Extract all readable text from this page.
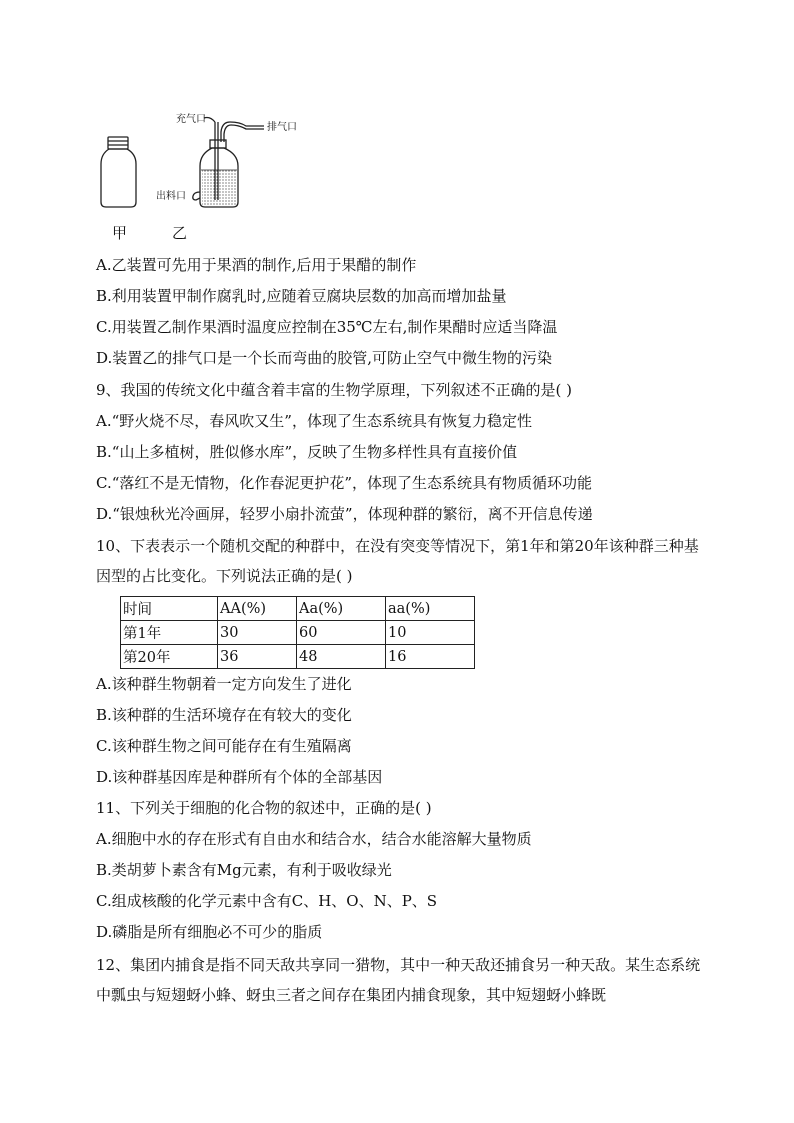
充气口
排气口
出料口
甲	乙
A.乙装置可先用于果酒的制作,后用于果醋的制作
B.利用装置甲制作腐乳时,应随着豆腐块层数的加高而增加盐量
C.用装置乙制作果酒时温度应控制在35℃左右,制作果醋时应适当降温
D.装置乙的排气口是一个长而弯曲的胶管,可防止空气中微生物的污染
9、我国的传统文化中蕴含着丰富的生物学原理，下列叙述不正确的是( )
A.“野火烧不尽，春风吹又生”，体现了生态系统具有恢复力稳定性
B.“山上多植树，胜似修水库”，反映了生物多样性具有直接价值
C.“落红不是无情物，化作春泥更护花”，体现了生态系统具有物质循环功能
D.“银烛秋光冷画屏，轻罗小扇扑流萤”，体现种群的繁衍，离不开信息传递
10、下表表示一个随机交配的种群中，在没有突变等情况下，第1年和第20年该种群三种基因型的占比变化。下列说法正确的是( )
时间	AA(%)	Aa(%)	aa(%)
第1年	30	60	10
第20年	36	48	16
A.该种群生物朝着一定方向发生了进化
B.该种群的生活环境存在有较大的变化
C.该种群生物之间可能存在有生殖隔离
D.该种群基因库是种群所有个体的全部基因
11、下列关于细胞的化合物的叙述中，正确的是( )
A.细胞中水的存在形式有自由水和结合水，结合水能溶解大量物质
B.类胡萝卜素含有Mg元素，有利于吸收绿光
C.组成核酸的化学元素中含有C、H、O、N、P、S
D.磷脂是所有细胞必不可少的脂质
12、集团内捕食是指不同天敌共享同一猎物，其中一种天敌还捕食另一种天敌。某生态系统中瓢虫与短翅蚜小蜂、蚜虫三者之间存在集团内捕食现象，其中短翅蚜小蜂既
